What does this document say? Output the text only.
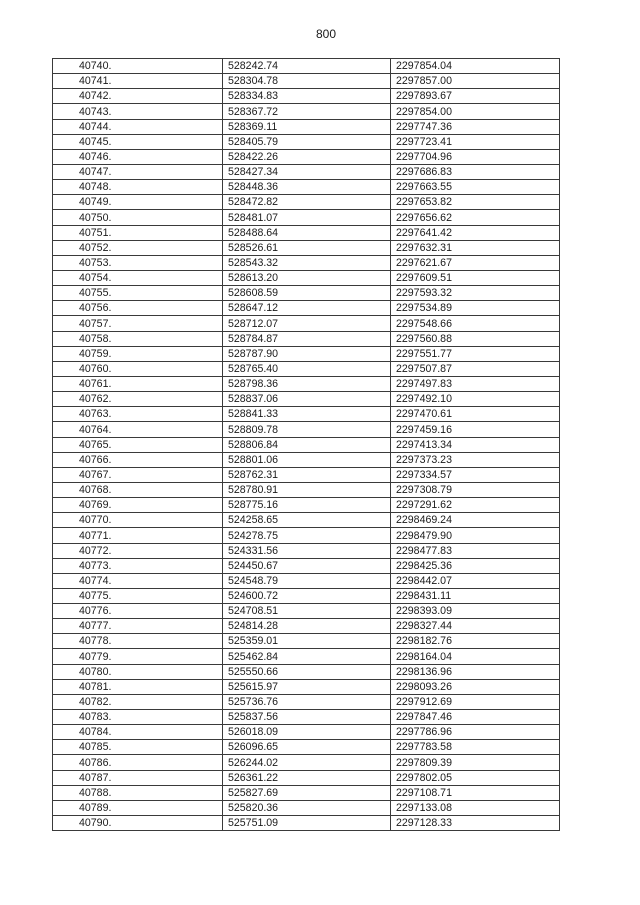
800
40740.	528242.74	2297854.04
40741.	528304.78	2297857.00
40742.	528334.83	2297893.67
40743.	528367.72	2297854.00
40744.	528369.11	2297747.36
40745.	528405.79	2297723.41
40746.	528422.26	2297704.96
40747.	528427.34	2297686.83
40748.	528448.36	2297663.55
40749.	528472.82	2297653.82
40750.	528481.07	2297656.62
40751.	528488.64	2297641.42
40752.	528526.61	2297632.31
40753.	528543.32	2297621.67
40754.	528613.20	2297609.51
40755.	528608.59	2297593.32
40756.	528647.12	2297534.89
40757.	528712.07	2297548.66
40758.	528784.87	2297560.88
40759.	528787.90	2297551.77
40760.	528765.40	2297507.87
40761.	528798.36	2297497.83
40762.	528837.06	2297492.10
40763.	528841.33	2297470.61
40764.	528809.78	2297459.16
40765.	528806.84	2297413.34
40766.	528801.06	2297373.23
40767.	528762.31	2297334.57
40768.	528780.91	2297308.79
40769.	528775.16	2297291.62
40770.	524258.65	2298469.24
40771.	524278.75	2298479.90
40772.	524331.56	2298477.83
40773.	524450.67	2298425.36
40774.	524548.79	2298442.07
40775.	524600.72	2298431.11
40776.	524708.51	2298393.09
40777.	524814.28	2298327.44
40778.	525359.01	2298182.76
40779.	525462.84	2298164.04
40780.	525550.66	2298136.96
40781.	525615.97	2298093.26
40782.	525736.76	2297912.69
40783.	525837.56	2297847.46
40784.	526018.09	2297786.96
40785.	526096.65	2297783.58
40786.	526244.02	2297809.39
40787.	526361.22	2297802.05
40788.	525827.69	2297108.71
40789.	525820.36	2297133.08
40790.	525751.09	2297128.33
